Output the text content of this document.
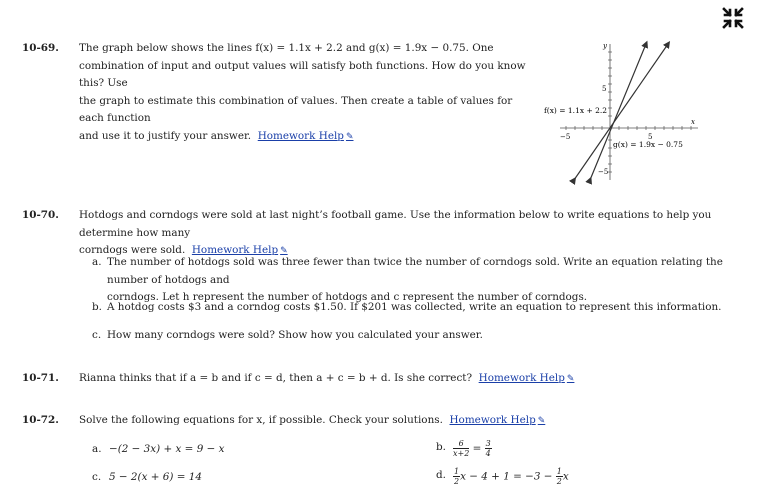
10-69. The graph below shows the lines f(x) = 1.1x + 2.2 and g(x) = 1.9x − 0.75. One
combination of input and output values will satisfy both functions. How do you know this? Use
the graph to estimate this combination of values. Then create a table of values for each function
and use it to justify your answer. Homework Help ✎
y
x
−5	5
5
−5
f(x) = 1.1x + 2.2
g(x) = 1.9x − 0.75
10-70. Hotdogs and corndogs were sold at last night’s football game. Use the information below to write equations to help you determine how many
corndogs were sold. Homework Help ✎
a. The number of hotdogs sold was three fewer than twice the number of corndogs sold. Write an equation relating the number of hotdogs and
corndogs. Let h represent the number of hotdogs and c represent the number of corndogs.
b. A hotdog costs $3 and a corndog costs $1.50. If $201 was collected, write an equation to represent this information.
c. How many corndogs were sold? Show how you calculated your answer.
10-71. Rianna thinks that if a = b and if c = d, then a + c = b + d. Is she correct? Homework Help ✎
10-72. Solve the following equations for x, if possible. Check your solutions. Homework Help ✎
a. −(2 − 3x) + x = 9 − x	b. $\frac{6}{x+2} = \frac{3}{4}$
c. 5 − 2(x + 6) = 14	d. $\frac{1}{2}$ $x - 4 + 1 = -3 - \frac{1}{2}$ x
